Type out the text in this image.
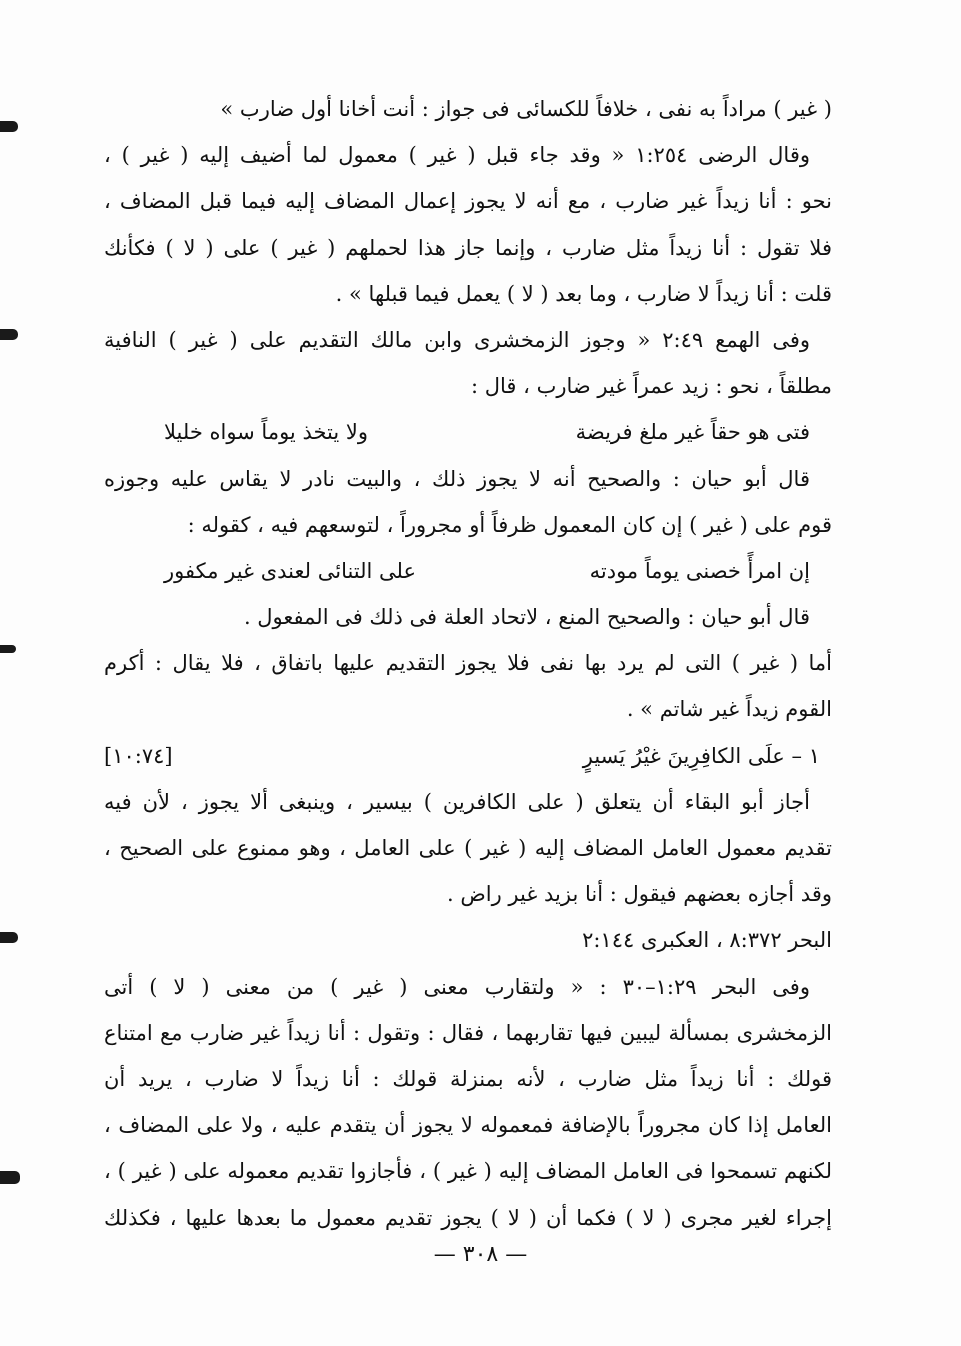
( غير ) مراداً به نفى ، خلافاً للكسائى فى جواز : أنت أخانا أول ضارب »
وقال الرضى ١:٢٥٤ « وقد جاء قبل ( غير ) معمول لما أضيف إليه ( غير ) ،
نحو : أنا زيداً غير ضارب ، مع أنه لا يجوز إعمال المضاف إليه فيما قبل المضاف ،
فلا تقول : أنا زيداً مثل ضارب ، وإنما جاز هذا لحملهم ( غير ) على ( لا ) فكأنك
قلت : أنا زيداً لا ضارب ، وما بعد ( لا ) يعمل فيما قبلها » .
وفى الهمع ٢:٤٩ « وجوز الزمخشرى وابن مالك التقديم على ( غير ) النافية
مطلقاً ، نحو : زيد عمراً غير ضارب ، قال :
فتى هو حقاً غير ملغ فريضة
ولا يتخذ يوماً سواه خليلا
قال أبو حيان : والصحيح أنه لا يجوز ذلك ، والبيت نادر لا يقاس عليه وجوزه
قوم على ( غير ) إن كان المعمول ظرفاً أو مجروراً ، لتوسعهم فيه ، كقوله :
إن امرأً خصنى يوماً مودته
على التنائى لعندى غير مكفور
قال أبو حيان : والصحيح المنع ، لاتحاد العلة فى ذلك فى المفعول .
أما ( غير ) التى لم يرد بها نفى فلا يجوز التقديم عليها باتفاق ، فلا يقال : أكرم
القوم زيداً غير شاتم » .
١ – علَى الكافِرِينَ غيْرُ يَسيرٍ
[١٠:٧٤]
أجاز أبو البقاء أن يتعلق ( على الكافرين ) بيسير ، وينبغى ألا يجوز ، لأن فيه
تقديم معمول العامل المضاف إليه ( غير ) على العامل ، وهو ممنوع على الصحيح ،
وقد أجازه بعضهم فيقول : أنا بزيد غير راض .
البحر ٨:٣٧٢ ، العكبرى ٢:١٤٤
وفى البحر ١:٢٩–٣٠ : « ولتقارب معنى ( غير ) من معنى ( لا ) أتى
الزمخشرى بمسألة ليبين فيها تقاربهما ، فقال : وتقول : أنا زيداً غير ضارب مع امتناع
قولك : أنا زيداً مثل ضارب ، لأنه بمنزلة قولك : أنا زيداً لا ضارب ، يريد أن
العامل إذا كان مجروراً بالإضافة فمعموله لا يجوز أن يتقدم عليه ، ولا على المضاف ،
لكنهم تسمحوا فى العامل المضاف إليه ( غير ) ، فأجازوا تقديم معموله على ( غير ) ،
إجراء لغير مجرى ( لا ) فكما أن ( لا ) يجوز تقديم معمول ما بعدها عليها ، فكذلك
— ٣٠٨ —
